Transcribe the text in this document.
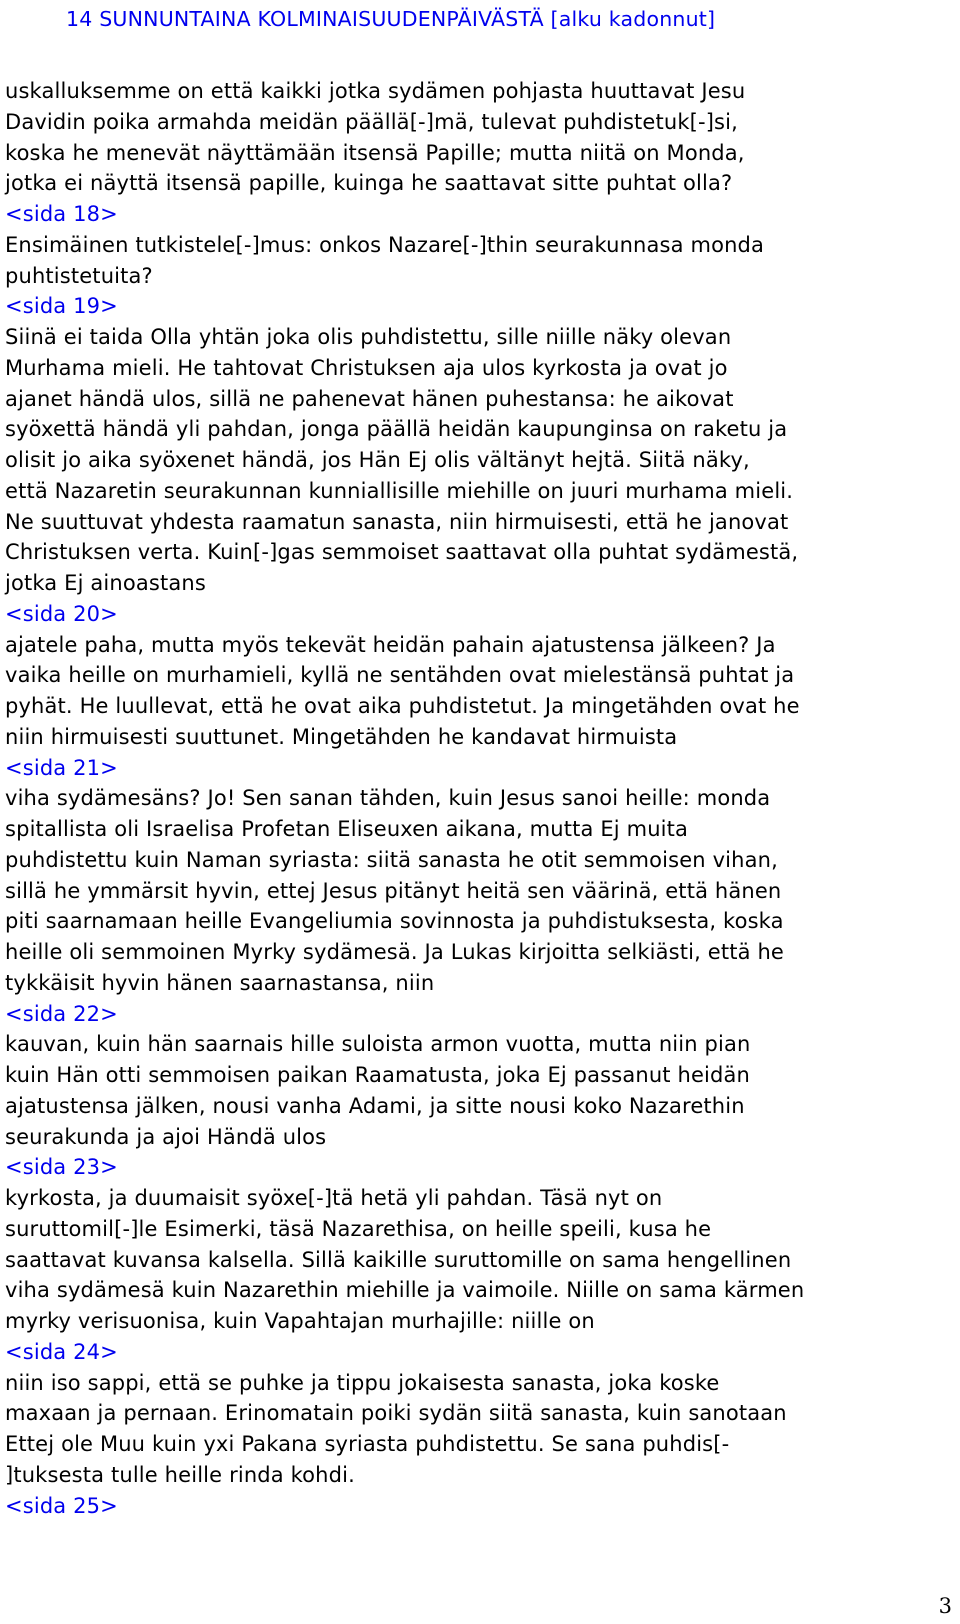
14 SUNNUNTAINA KOLMINAISUUDENPÄIVÄSTÄ [alku kadonnut]
uskalluksemme on että kaikki jotka sydämen pohjasta huuttavat Jesu
Davidin poika armahda meidän päällä[-]mä, tulevat puhdistetuk[-]si,
koska he menevät näyttämään itsensä Papille; mutta niitä on Monda,
jotka ei näyttä itsensä papille, kuinga he saattavat sitte puhtat olla?
<sida 18>
Ensimäinen tutkistele[-]mus: onkos Nazare[-]thin seurakunnasa monda
puhtistetuita?
<sida 19>
Siinä ei taida Olla yhtän joka olis puhdistettu, sille niille näky olevan
Murhama mieli. He tahtovat Christuksen aja ulos kyrkosta ja ovat jo
ajanet händä ulos, sillä ne pahenevat hänen puhestansa: he aikovat
syöxettä händä yli pahdan, jonga päällä heidän kaupunginsa on raketu ja
olisit jo aika syöxenet händä, jos Hän Ej olis vältänyt hejtä. Siitä näky,
että Nazaretin seurakunnan kunniallisille miehille on juuri murhama mieli.
Ne suuttuvat yhdesta raamatun sanasta, niin hirmuisesti, että he janovat
Christuksen verta. Kuin[-]gas semmoiset saattavat olla puhtat sydämestä,
jotka Ej ainoastans
<sida 20>
ajatele paha, mutta myös tekevät heidän pahain ajatustensa jälkeen? Ja
vaika heille on murhamieli, kyllä ne sentähden ovat mielestänsä puhtat ja
pyhät. He luullevat, että he ovat aika puhdistetut. Ja mingetähden ovat he
niin hirmuisesti suuttunet. Mingetähden he kandavat hirmuista
<sida 21>
viha sydämesäns? Jo! Sen sanan tähden, kuin Jesus sanoi heille: monda
spitallista oli Israelisa Profetan Eliseuxen aikana, mutta Ej muita
puhdistettu kuin Naman syriasta: siitä sanasta he otit semmoisen vihan,
sillä he ymmärsit hyvin, ettej Jesus pitänyt heitä sen väärinä, että hänen
piti saarnamaan heille Evangeliumia sovinnosta ja puhdistuksesta, koska
heille oli semmoinen Myrky sydämesä. Ja Lukas kirjoitta selkiästi, että he
tykkäisit hyvin hänen saarnastansa, niin
<sida 22>
kauvan, kuin hän saarnais hille suloista armon vuotta, mutta niin pian
kuin Hän otti semmoisen paikan Raamatusta, joka Ej passanut heidän
ajatustensa jälken, nousi vanha Adami, ja sitte nousi koko Nazarethin
seurakunda ja ajoi Händä ulos
<sida 23>
kyrkosta, ja duumaisit syöxe[-]tä hetä yli pahdan. Täsä nyt on
suruttomil[-]le Esimerki, täsä Nazarethisa, on heille speili, kusa he
saattavat kuvansa kalsella. Sillä kaikille suruttomille on sama hengellinen
viha sydämesä kuin Nazarethin miehille ja vaimoile. Niille on sama kärmen
myrky verisuonisa, kuin Vapahtajan murhajille: niille on
<sida 24>
niin iso sappi, että se puhke ja tippu jokaisesta sanasta, joka koske
maxaan ja pernaan. Erinomatain poiki sydän siitä sanasta, kuin sanotaan
Ettej ole Muu kuin yxi Pakana syriasta puhdistettu. Se sana puhdis[-
]tuksesta tulle heille rinda kohdi.
<sida 25>
3
